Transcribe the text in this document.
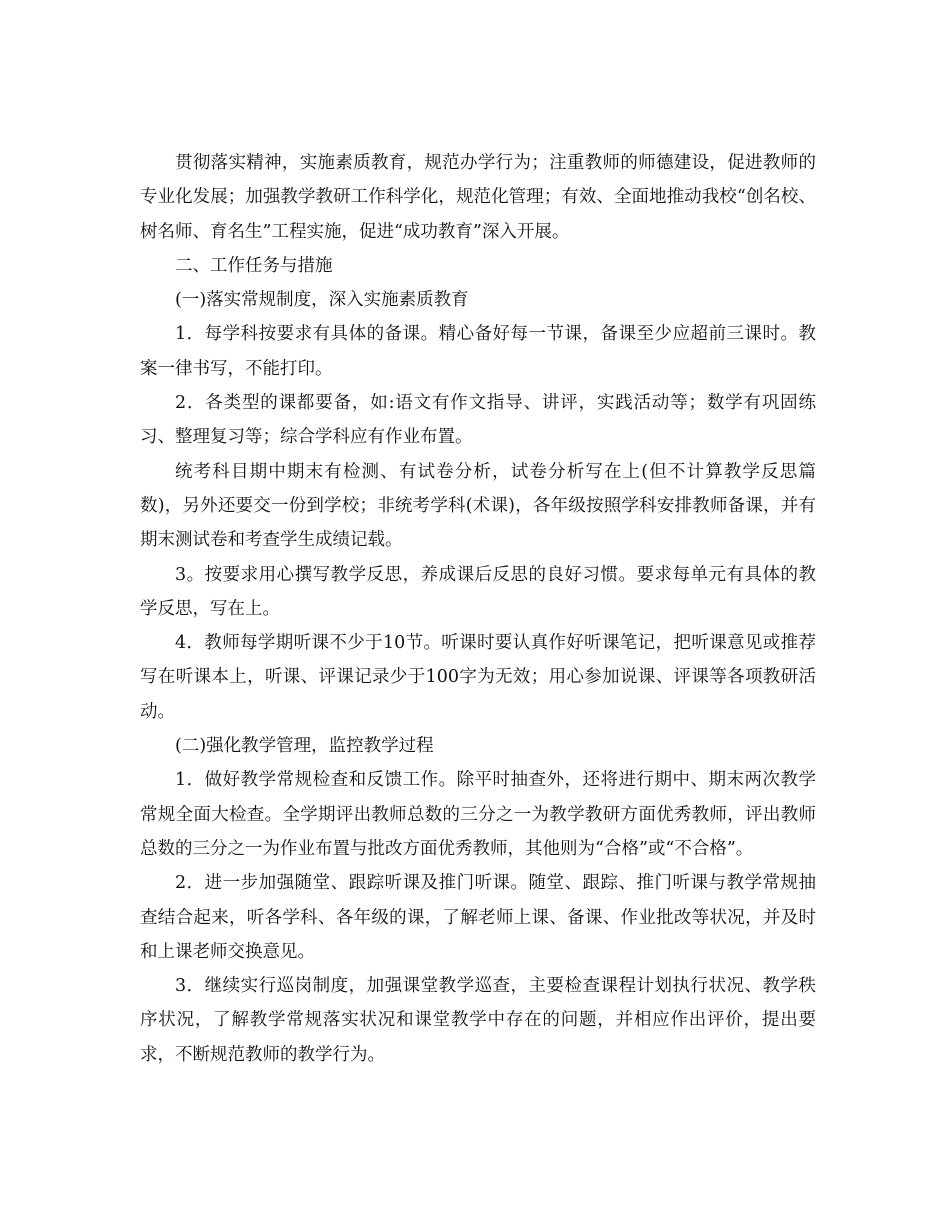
贯彻落实精神，实施素质教育，规范办学行为；注重教师的师德建设，促进教师的专业化发展；加强教学教研工作科学化，规范化管理；有效、全面地推动我校“创名校、树名师、育名生”工程实施，促进“成功教育”深入开展。

二、工作任务与措施

(一)落实常规制度，深入实施素质教育

1．每学科按要求有具体的备课。精心备好每一节课，备课至少应超前三课时。教案一律书写，不能打印。

2．各类型的课都要备，如:语文有作文指导、讲评，实践活动等；数学有巩固练习、整理复习等；综合学科应有作业布置。

统考科目期中期末有检测、有试卷分析，试卷分析写在上(但不计算教学反思篇数)，另外还要交一份到学校；非统考学科(术课)，各年级按照学科安排教师备课，并有期末测试卷和考查学生成绩记载。

3。按要求用心撰写教学反思，养成课后反思的良好习惯。要求每单元有具体的教学反思，写在上。

4．教师每学期听课不少于10节。听课时要认真作好听课笔记，把听课意见或推荐写在听课本上，听课、评课记录少于100字为无效；用心参加说课、评课等各项教研活动。

(二)强化教学管理，监控教学过程

1．做好教学常规检查和反馈工作。除平时抽查外，还将进行期中、期末两次教学常规全面大检查。全学期评出教师总数的三分之一为教学教研方面优秀教师，评出教师总数的三分之一为作业布置与批改方面优秀教师，其他则为“合格”或“不合格”。

2．进一步加强随堂、跟踪听课及推门听课。随堂、跟踪、推门听课与教学常规抽查结合起来，听各学科、各年级的课，了解老师上课、备课、作业批改等状况，并及时和上课老师交换意见。

3．继续实行巡岗制度，加强课堂教学巡查，主要检查课程计划执行状况、教学秩序状况，了解教学常规落实状况和课堂教学中存在的问题，并相应作出评价，提出要求，不断规范教师的教学行为。
